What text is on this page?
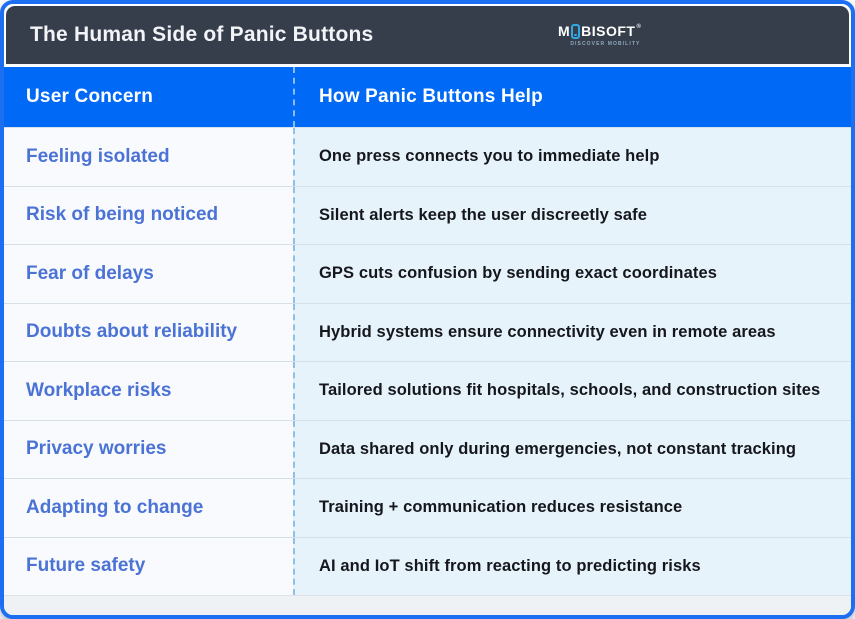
The Human Side of Panic Buttons	M BISOFT ®
DISCOVER MOBILITY
User Concern	How Panic Buttons Help
Feeling isolated	One press connects you to immediate help
Risk of being noticed	Silent alerts keep the user discreetly safe
Fear of delays	GPS cuts confusion by sending exact coordinates
Doubts about reliability	Hybrid systems ensure connectivity even in remote areas
Workplace risks	Tailored solutions fit hospitals, schools, and construction sites
Privacy worries	Data shared only during emergencies, not constant tracking
Adapting to change	Training + communication reduces resistance
Future safety	AI and IoT shift from reacting to predicting risks
